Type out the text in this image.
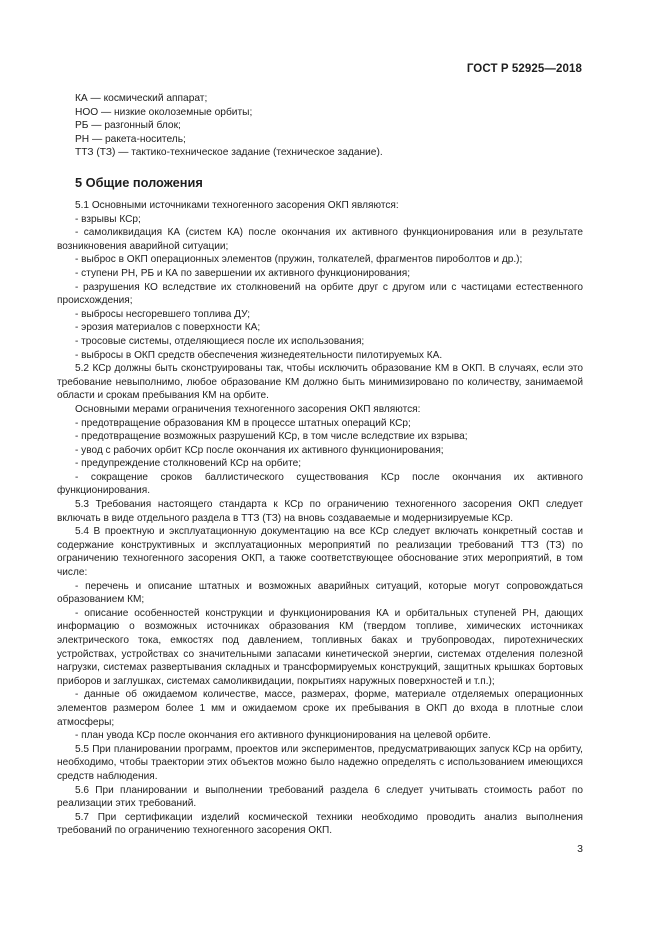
ГОСТ Р 52925—2018
КА — космический аппарат;
НОО — низкие околоземные орбиты;
РБ — разгонный блок;
РН — ракета-носитель;
ТТЗ (ТЗ) — тактико-техническое задание (техническое задание).
5 Общие положения

5.1 Основными источниками техногенного засорения ОКП являются:

- взрывы КСр;

- самоликвидация КА (систем КА) после окончания их активного функционирования или в результате возникновения аварийной ситуации;

- выброс в ОКП операционных элементов (пружин, толкателей, фрагментов пироболтов и др.);

- ступени РН, РБ и КА по завершении их активного функционирования;

- разрушения КО вследствие их столкновений на орбите друг с другом или с частицами естественного происхождения;

- выбросы несгоревшего топлива ДУ;

- эрозия материалов с поверхности КА;

- тросовые системы, отделяющиеся после их использования;

- выбросы в ОКП средств обеспечения жизнедеятельности пилотируемых КА.

5.2 КСр должны быть сконструированы так, чтобы исключить образование КМ в ОКП. В случаях, если это требование невыполнимо, любое образование КМ должно быть минимизировано по количеству, занимаемой области и срокам пребывания КМ на орбите.

Основными мерами ограничения техногенного засорения ОКП являются:

- предотвращение образования КМ в процессе штатных операций КСр;

- предотвращение возможных разрушений КСр, в том числе вследствие их взрыва;

- увод с рабочих орбит КСр после окончания их активного функционирования;

- предупреждение столкновений КСр на орбите;

- сокращение сроков баллистического существования КСр после окончания их активного функционирования.

5.3 Требования настоящего стандарта к КСр по ограничению техногенного засорения ОКП следует включать в виде отдельного раздела в ТТЗ (ТЗ) на вновь создаваемые и модернизируемые КСр.

5.4 В проектную и эксплуатационную документацию на все КСр следует включать конкретный состав и содержание конструктивных и эксплуатационных мероприятий по реализации требований ТТЗ (ТЗ) по ограничению техногенного засорения ОКП, а также соответствующее обоснование этих мероприятий, в том числе:

- перечень и описание штатных и возможных аварийных ситуаций, которые могут сопровождаться образованием КМ;

- описание особенностей конструкции и функционирования КА и орбитальных ступеней РН, дающих информацию о возможных источниках образования КМ (твердом топливе, химических источниках электрического тока, емкостях под давлением, топливных баках и трубопроводах, пиротехнических устройствах, устройствах со значительными запасами кинетической энергии, системах отделения полезной нагрузки, системах развертывания складных и трансформируемых конструкций, защитных крышках бортовых приборов и заглушках, системах самоликвидации, покрытиях наружных поверхностей и т.п.);

- данные об ожидаемом количестве, массе, размерах, форме, материале отделяемых операционных элементов размером более 1 мм и ожидаемом сроке их пребывания в ОКП до входа в плотные слои атмосферы;

- план увода КСр после окончания его активного функционирования на целевой орбите.

5.5 При планировании программ, проектов или экспериментов, предусматривающих запуск КСр на орбиту, необходимо, чтобы траектории этих объектов можно было надежно определять с использованием имеющихся средств наблюдения.

5.6 При планировании и выполнении требований раздела 6 следует учитывать стоимость работ по реализации этих требований.

5.7 При сертификации изделий космической техники необходимо проводить анализ выполнения требований по ограничению техногенного засорения ОКП.

3
